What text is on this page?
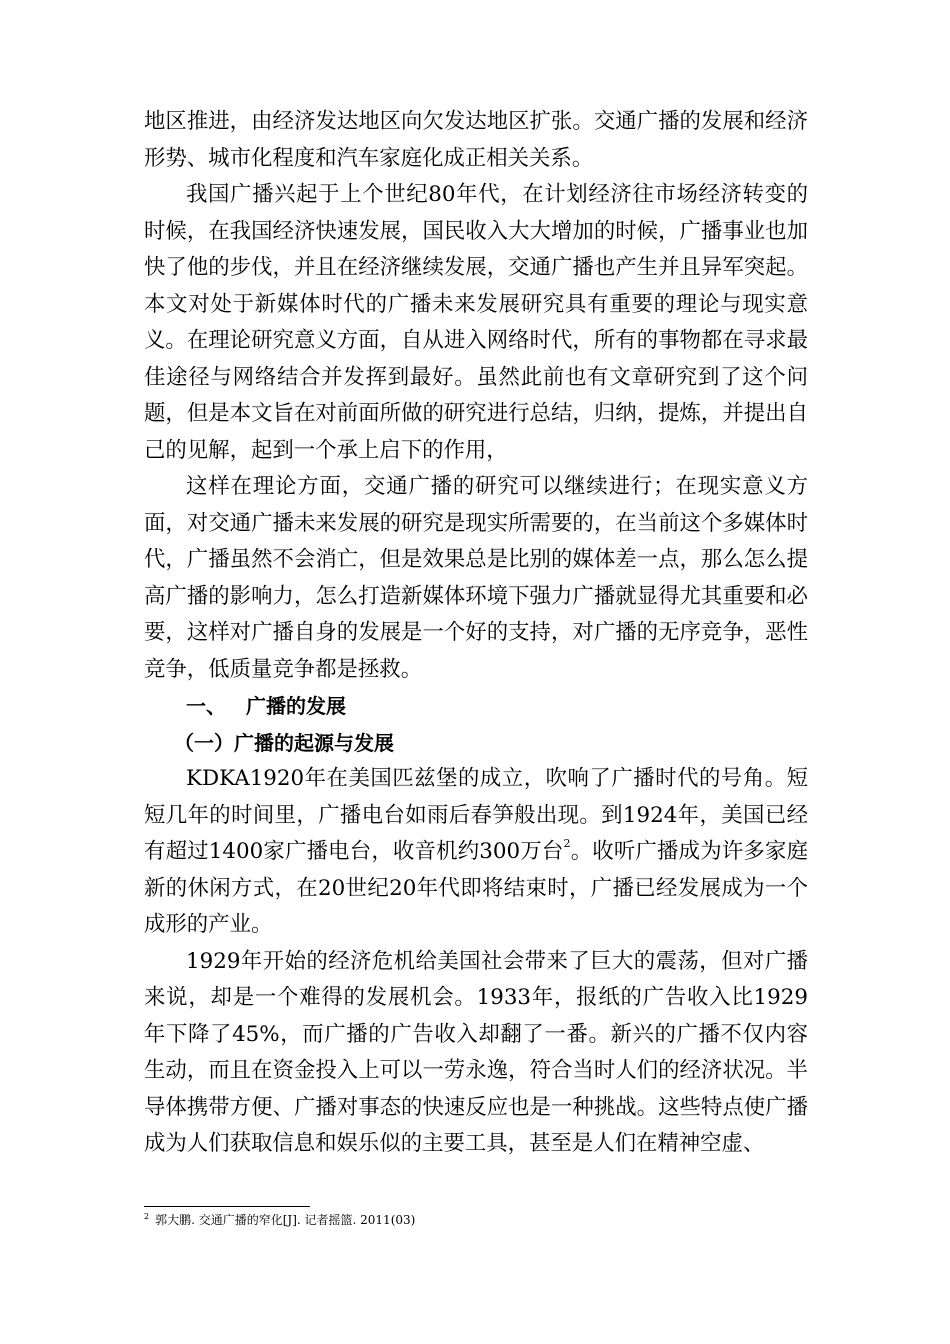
地区推进，由经济发达地区向欠发达地区扩张。交通广播的发展和经济形势、城市化程度和汽车家庭化成正相关关系。

我国广播兴起于上个世纪80年代，在计划经济往市场经济转变的时候，在我国经济快速发展，国民收入大大增加的时候，广播事业也加快了他的步伐，并且在经济继续发展，交通广播也产生并且异军突起。本文对处于新媒体时代的广播未来发展研究具有重要的理论与现实意义。在理论研究意义方面，自从进入网络时代，所有的事物都在寻求最佳途径与网络结合并发挥到最好。虽然此前也有文章研究到了这个问题，但是本文旨在对前面所做的研究进行总结，归纳，提炼，并提出自己的见解，起到一个承上启下的作用，

这样在理论方面，交通广播的研究可以继续进行；在现实意义方面，对交通广播未来发展的研究是现实所需要的，在当前这个多媒体时代，广播虽然不会消亡，但是效果总是比别的媒体差一点，那么怎么提高广播的影响力，怎么打造新媒体环境下强力广播就显得尤其重要和必要，这样对广播自身的发展是一个好的支持，对广播的无序竞争，恶性竞争，低质量竞争都是拯救。

一、 广播的发展
（一）广播的起源与发展

KDKA1920年在美国匹兹堡的成立，吹响了广播时代的号角。短短几年的时间里，广播电台如雨后春笋般出现。到1924年，美国已经有超过1400家广播电台，收音机约300万台$^2$。收听广播成为许多家庭新的休闲方式，在20世纪20年代即将结束时，广播已经发展成为一个成形的产业。

1929年开始的经济危机给美国社会带来了巨大的震荡，但对广播来说，却是一个难得的发展机会。1933年，报纸的广告收入比1929年下降了45%，而广播的广告收入却翻了一番。新兴的广播不仅内容生动，而且在资金投入上可以一劳永逸，符合当时人们的经济状况。半导体携带方便、广播对事态的快速反应也是一种挑战。这些特点使广播成为人们获取信息和娱乐似的主要工具，甚至是人们在精神空虚、

$^2$ 郭大鹏. 交通广播的窄化[J]. 记者摇篮. 2011(03)
